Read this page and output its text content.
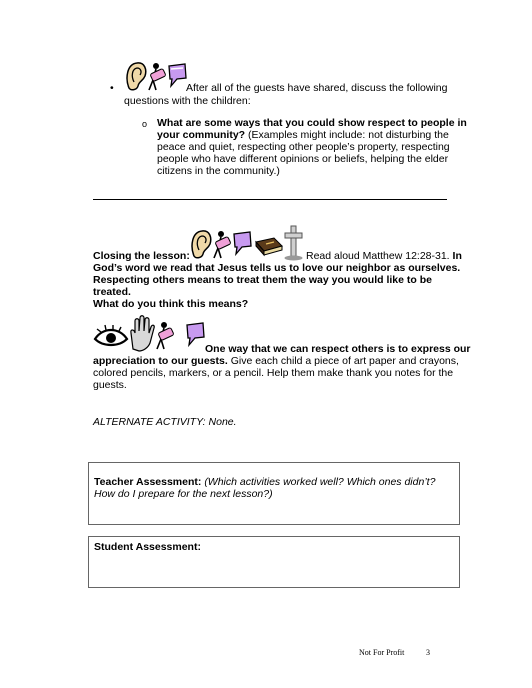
•	After all of the guests have shared, discuss the following
questions with the children:
o What are some ways that you could show respect to people in
your community? (Examples might include: not disturbing the
peace and quiet, respecting other people’s property, respecting
people who have different opinions or beliefs, helping the elder
citizens in the community.)
Closing the lesson:	Read aloud Matthew 12:28-31. In
God’s word we read that Jesus tells us to love our neighbor as ourselves.
Respecting others means to treat them the way you would like to be
treated.
What do you think this means?
One way that we can respect others is to express our
appreciation to our guests. Give each child a piece of art paper and crayons,
colored pencils, markers, or a pencil. Help them make thank you notes for the
guests.
ALTERNATE ACTIVITY: None.
Teacher Assessment: (Which activities worked well? Which ones didn’t?
How do I prepare for the next lesson?)
Student Assessment:
Not For Profit	3
